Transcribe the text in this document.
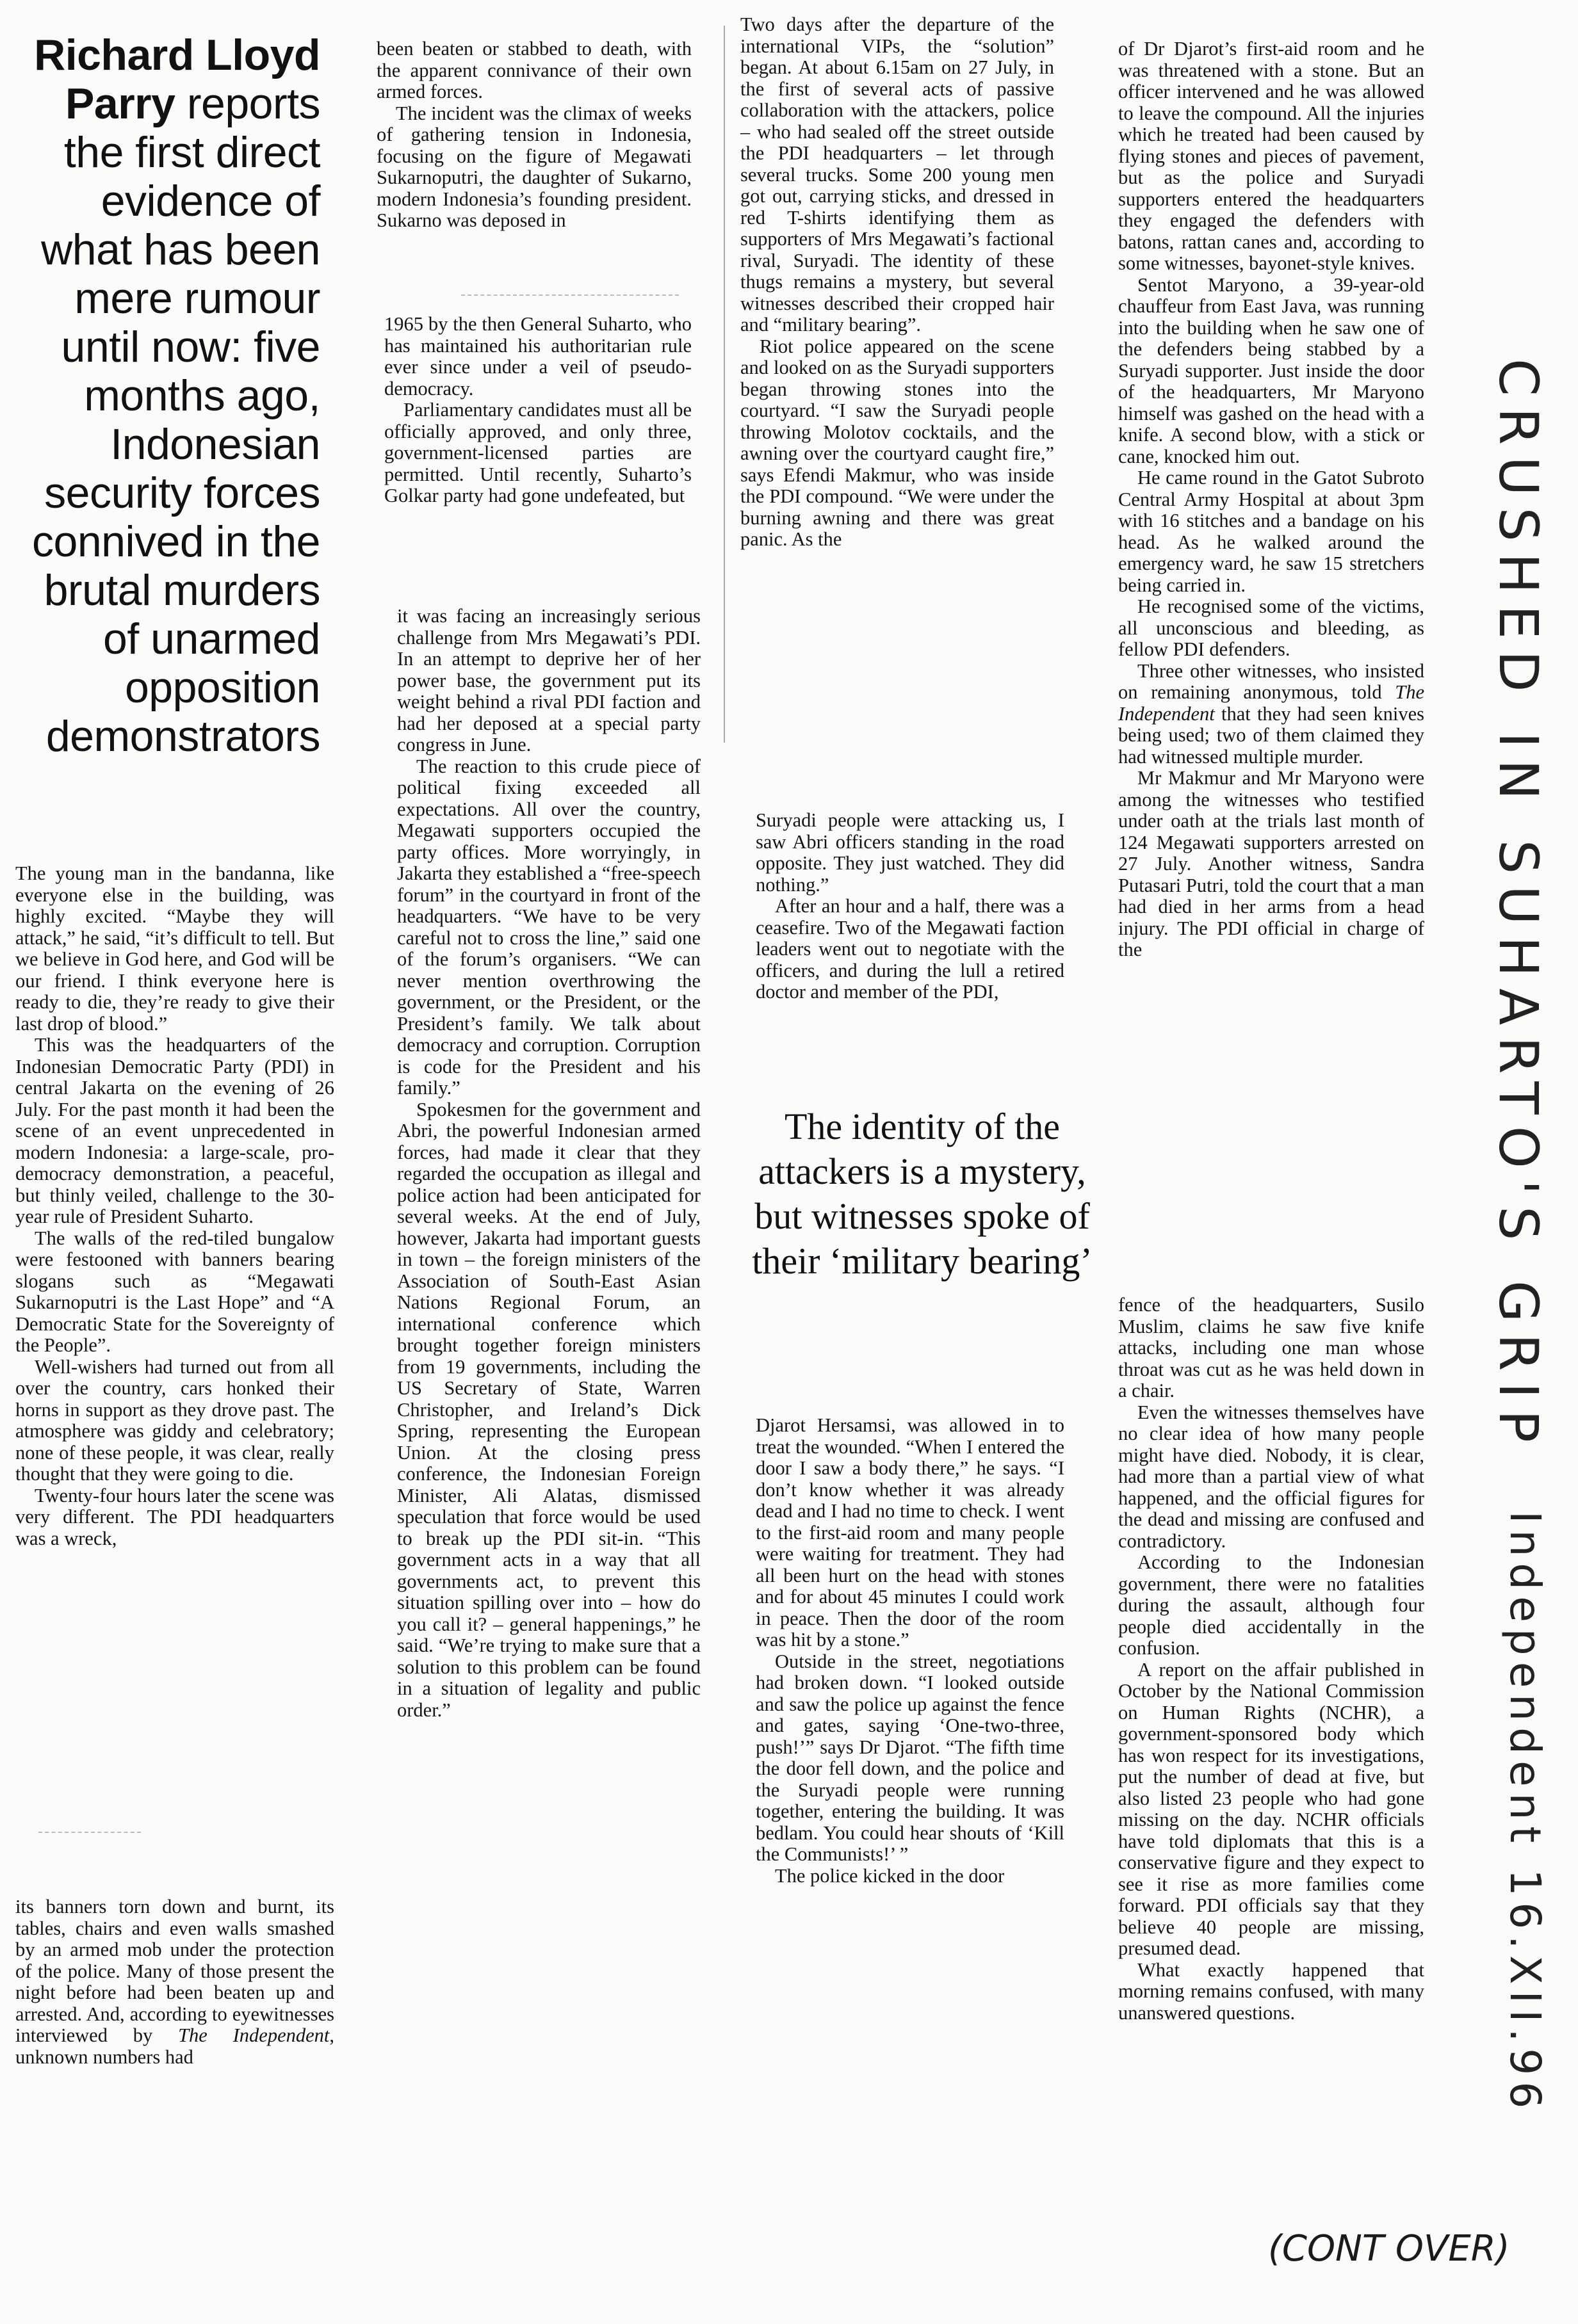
Richard Lloyd Parry reports the first direct evidence of what has been mere rumour until now: five months ago, Indonesian security forces connived in the brutal murders of unarmed opposition demonstrators

The young man in the bandanna, like everyone else in the building, was highly excited. “Maybe they will attack,” he said, “it’s difficult to tell. But we believe in God here, and God will be our friend. I think everyone here is ready to die, they’re ready to give their last drop of blood.”

This was the headquarters of the Indonesian Democratic Party (PDI) in central Jakarta on the evening of 26 July. For the past month it had been the scene of an event unprecedented in modern Indonesia: a large-scale, pro-democracy demonstration, a peaceful, but thinly veiled, challenge to the 30-year rule of President Suharto.

The walls of the red-tiled bungalow were festooned with banners bearing slogans such as “Megawati Sukarnoputri is the Last Hope” and “A Democratic State for the Sovereignty of the People”.

Well-wishers had turned out from all over the country, cars honked their horns in support as they drove past. The atmosphere was giddy and celebratory; none of these people, it was clear, really thought that they were going to die.

Twenty-four hours later the scene was very different. The PDI headquarters was a wreck,

its banners torn down and burnt, its tables, chairs and even walls smashed by an armed mob under the protection of the police. Many of those present the night before had been beaten up and arrested. And, according to eyewitnesses interviewed by The Independent, unknown numbers had

been beaten or stabbed to death, with the apparent connivance of their own armed forces.

The incident was the climax of weeks of gathering tension in Indonesia, focusing on the figure of Megawati Sukarnoputri, the daughter of Sukarno, modern Indonesia’s founding president. Sukarno was deposed in

1965 by the then General Suharto, who has maintained his authoritarian rule ever since under a veil of pseudo-democracy.

Parliamentary candidates must all be officially approved, and only three, government-licensed parties are permitted. Until recently, Suharto’s Golkar party had gone undefeated, but

it was facing an increasingly serious challenge from Mrs Megawati’s PDI. In an attempt to deprive her of her power base, the government put its weight behind a rival PDI faction and had her deposed at a special party congress in June.

The reaction to this crude piece of political fixing exceeded all expectations. All over the country, Megawati supporters occupied the party offices. More worryingly, in Jakarta they established a “free-speech forum” in the courtyard in front of the headquarters. “We have to be very careful not to cross the line,” said one of the forum’s organisers. “We can never mention overthrowing the government, or the President, or the President’s family. We talk about democracy and corruption. Corruption is code for the President and his family.”

Spokesmen for the government and Abri, the powerful Indonesian armed forces, had made it clear that they regarded the occupation as illegal and police action had been anticipated for several weeks. At the end of July, however, Jakarta had important guests in town – the foreign ministers of the Association of South-East Asian Nations Regional Forum, an international conference which brought together foreign ministers from 19 governments, including the US Secretary of State, Warren Christopher, and Ireland’s Dick Spring, representing the European Union. At the closing press conference, the Indonesian Foreign Minister, Ali Alatas, dismissed speculation that force would be used to break up the PDI sit-in. “This government acts in a way that all governments act, to prevent this situation spilling over into – how do you call it? – general happenings,” he said. “We’re trying to make sure that a solution to this problem can be found in a situation of legality and public order.”

Two days after the departure of the international VIPs, the “solution” began. At about 6.15am on 27 July, in the first of several acts of passive collaboration with the attackers, police – who had sealed off the street outside the PDI headquarters – let through several trucks. Some 200 young men got out, carrying sticks, and dressed in red T-shirts identifying them as supporters of Mrs Megawati’s factional rival, Suryadi. The identity of these thugs remains a mystery, but several witnesses described their cropped hair and “military bearing”.

Riot police appeared on the scene and looked on as the Suryadi supporters began throwing stones into the courtyard. “I saw the Suryadi people throwing Molotov cocktails, and the awning over the courtyard caught fire,” says Efendi Makmur, who was inside the PDI compound. “We were under the burning awning and there was great panic. As the

Suryadi people were attacking us, I saw Abri officers standing in the road opposite. They just watched. They did nothing.”

After an hour and a half, there was a ceasefire. Two of the Megawati faction leaders went out to negotiate with the officers, and during the lull a retired doctor and member of the PDI,

The identity of the attackers is a mystery, but witnesses spoke of their ‘military bearing’

Djarot Hersamsi, was allowed in to treat the wounded. “When I entered the door I saw a body there,” he says. “I don’t know whether it was already dead and I had no time to check. I went to the first-aid room and many people were waiting for treatment. They had all been hurt on the head with stones and for about 45 minutes I could work in peace. Then the door of the room was hit by a stone.”

Outside in the street, negotiations had broken down. “I looked outside and saw the police up against the fence and gates, saying ‘One-two-three, push!’” says Dr Djarot. “The fifth time the door fell down, and the police and the Suryadi people were running together, entering the building. It was bedlam. You could hear shouts of ‘Kill the Communists!’ ”

The police kicked in the door

of Dr Djarot’s first-aid room and he was threatened with a stone. But an officer intervened and he was allowed to leave the compound. All the injuries which he treated had been caused by flying stones and pieces of pavement, but as the police and Suryadi supporters entered the headquarters they engaged the defenders with batons, rattan canes and, according to some witnesses, bayonet-style knives.

Sentot Maryono, a 39-year-old chauffeur from East Java, was running into the building when he saw one of the defenders being stabbed by a Suryadi supporter. Just inside the door of the headquarters, Mr Maryono himself was gashed on the head with a knife. A second blow, with a stick or cane, knocked him out.

He came round in the Gatot Subroto Central Army Hospital at about 3pm with 16 stitches and a bandage on his head. As he walked around the emergency ward, he saw 15 stretchers being carried in.

He recognised some of the victims, all unconscious and bleeding, as fellow PDI defenders.

Three other witnesses, who insisted on remaining anonymous, told The Independent that they had seen knives being used; two of them claimed they had witnessed multiple murder.

Mr Makmur and Mr Maryono were among the witnesses who testified under oath at the trials last month of 124 Megawati supporters arrested on 27 July. Another witness, Sandra Putasari Putri, told the court that a man had died in her arms from a head injury. The PDI official in charge of the

fence of the headquarters, Susilo Muslim, claims he saw five knife attacks, including one man whose throat was cut as he was held down in a chair.

Even the witnesses themselves have no clear idea of how many people might have died. Nobody, it is clear, had more than a partial view of what happened, and the official figures for the dead and missing are confused and contradictory.

According to the Indonesian government, there were no fatalities during the assault, although four people died accidentally in the confusion.

A report on the affair published in October by the National Commission on Human Rights (NCHR), a government-sponsored body which has won respect for its investigations, put the number of dead at five, but also listed 23 people who had gone missing on the day. NCHR officials have told diplomats that this is a conservative figure and they expect to see it rise as more families come forward. PDI officials say that they believe 40 people are missing, presumed dead.

What exactly happened that morning remains confused, with many unanswered questions.

CRUSHED IN SUHARTO'S GRIP
Independent 16.XII.96
(CONT OVER)
